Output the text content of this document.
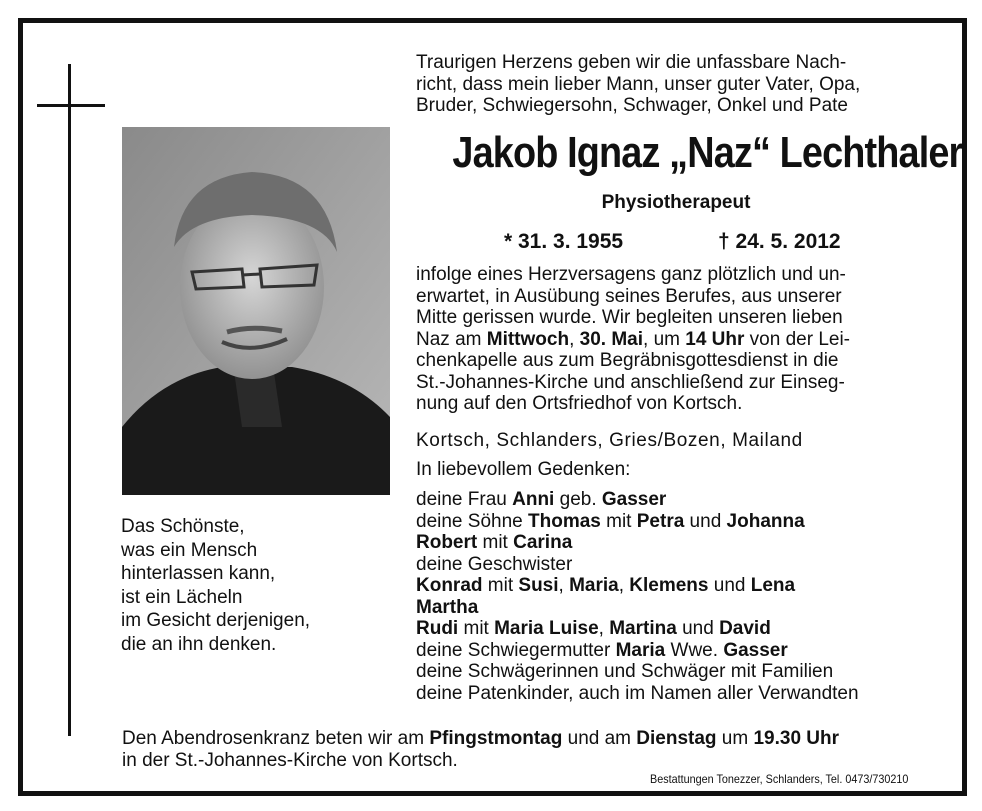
Das Schönste,
was ein Mensch
hinterlassen kann,
ist ein Lächeln
im Gesicht derjenigen,
die an ihn denken.
Traurigen Herzens geben wir die unfassbare Nach-
richt, dass mein lieber Mann, unser guter Vater, Opa,
Bruder, Schwiegersohn, Schwager, Onkel und Pate
Jakob Ignaz „Naz“ Lechthaler
Physiotherapeut
* 31. 3. 1955	† 24. 5. 2012
infolge eines Herzversagens ganz plötzlich und un-
erwartet, in Ausübung seines Berufes, aus unserer
Mitte gerissen wurde. Wir begleiten unseren lieben
Naz am Mittwoch, 30. Mai, um 14 Uhr von der Lei-
chenkapelle aus zum Begräbnisgottesdienst in die
St.-Johannes-Kirche und anschließend zur Einseg-
nung auf den Ortsfriedhof von Kortsch.
Kortsch, Schlanders, Gries/Bozen, Mailand
In liebevollem Gedenken:
deine Frau Anni geb. Gasser
deine Söhne Thomas mit Petra und Johanna
Robert mit Carina
deine Geschwister
Konrad mit Susi, Maria, Klemens und Lena
Martha
Rudi mit Maria Luise, Martina und David
deine Schwiegermutter Maria Wwe. Gasser
deine Schwägerinnen und Schwäger mit Familien
deine Patenkinder, auch im Namen aller Verwandten
Den Abendrosenkranz beten wir am Pfingstmontag und am Dienstag um 19.30 Uhr
in der St.-Johannes-Kirche von Kortsch.
Bestattungen Tonezzer, Schlanders, Tel. 0473/730210
